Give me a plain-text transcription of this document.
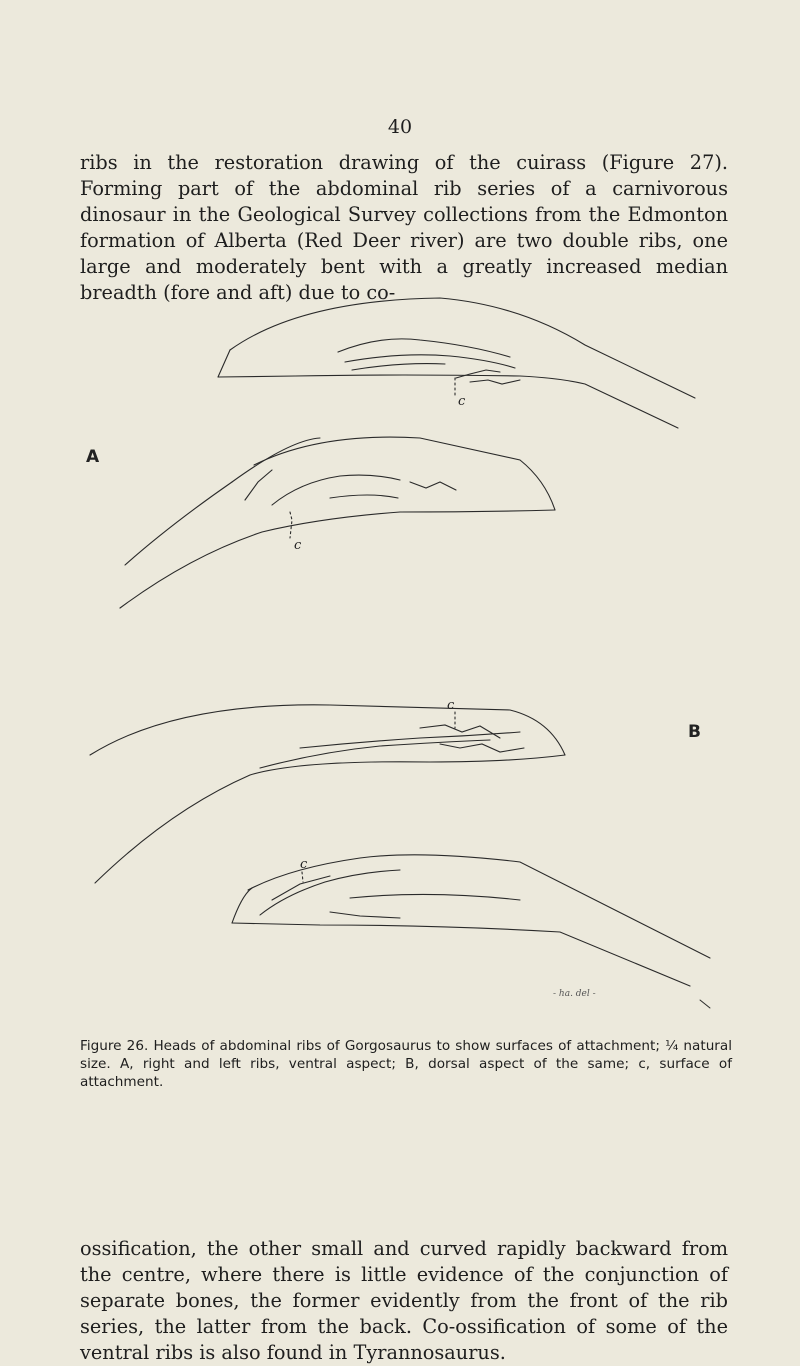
40

ribs in the restoration drawing of the cuirass (Figure 27). Forming part of the abdominal rib series of a carnivorous dinosaur in the Geological Survey collections from the Edmonton formation of Alberta (Red Deer river) are two double ribs, one large and moderately bent with a greatly increased median breadth (fore and aft) due to co-

c
c
c
c
A
B
- ha. del -

Figure 26. Heads of abdominal ribs of Gorgosaurus to show surfaces of attachment; ¼ natural size. A, right and left ribs, ventral aspect; B, dorsal aspect of the same; c, surface of attachment.

ossification, the other small and curved rapidly backward from the centre, where there is little evidence of the conjunction of separate bones, the former evidently from the front of the rib series, the latter from the back. Co-ossification of some of the ventral ribs is also found in Tyrannosaurus.
